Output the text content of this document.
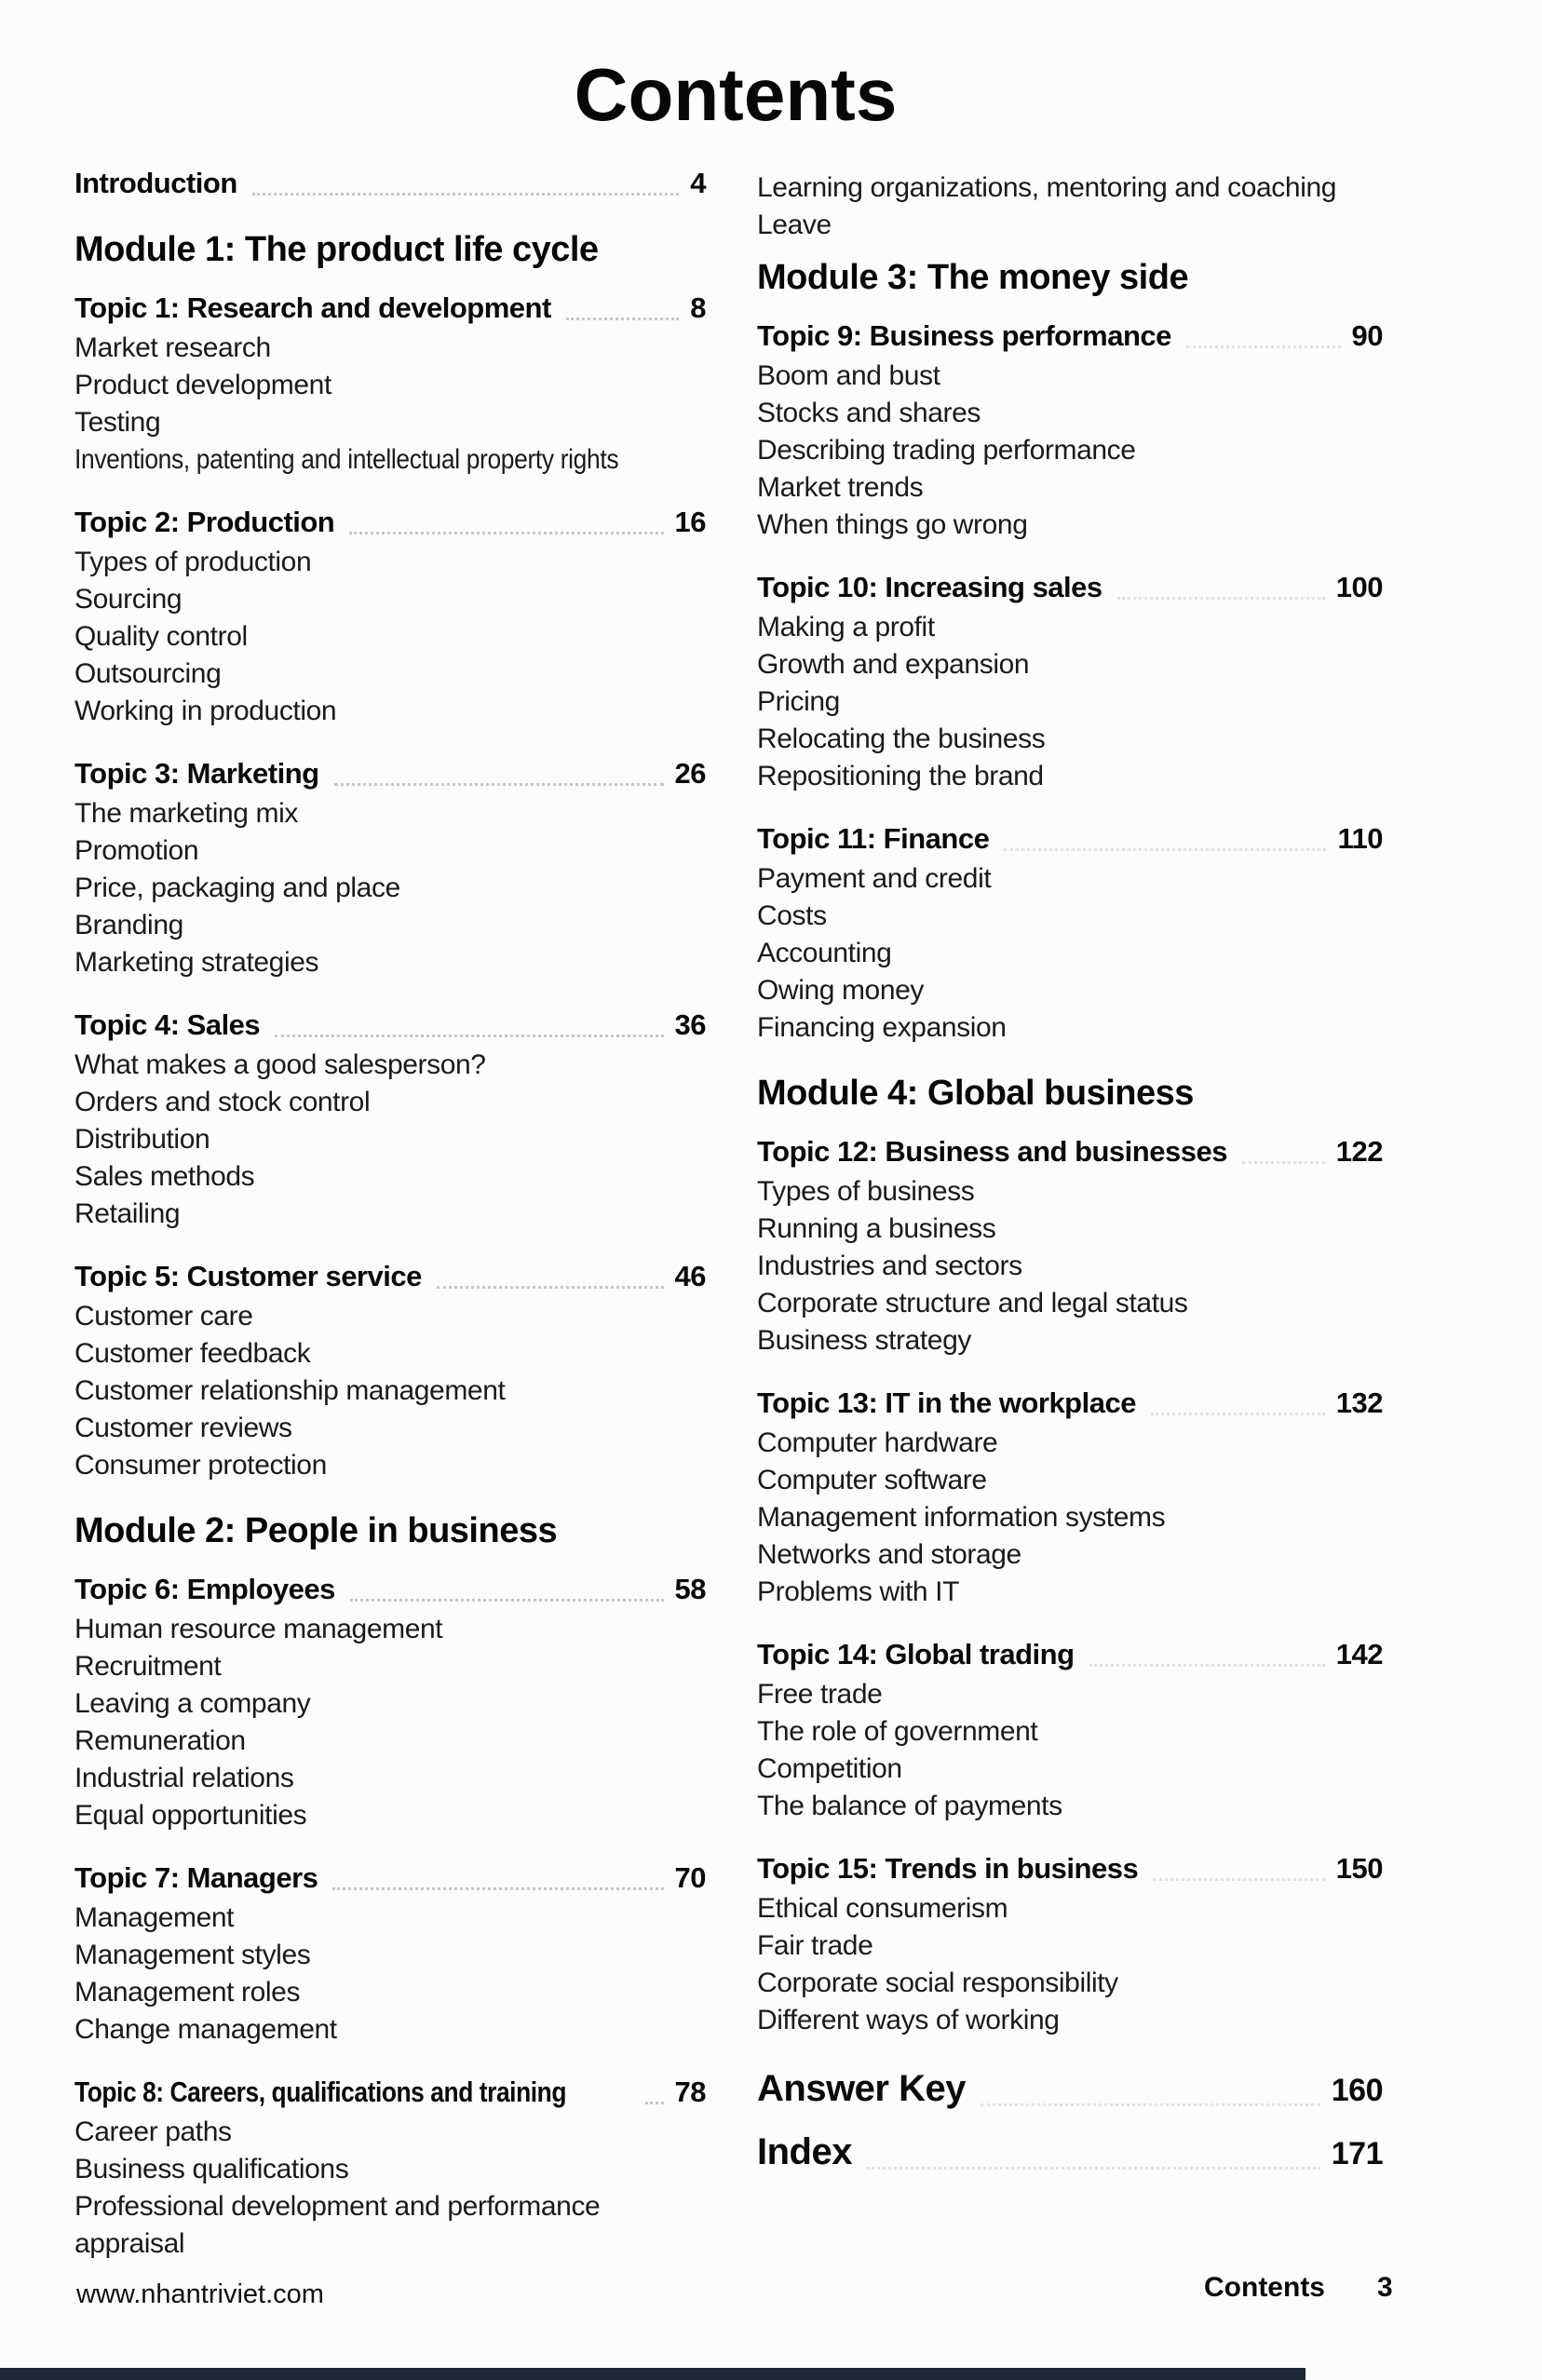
Contents
Introduction	4
Module 1: The product life cycle
Topic 1: Research and development	8
Market research
Product development
Testing
Inventions, patenting and intellectual property rights
Topic 2: Production	16
Types of production
Sourcing
Quality control
Outsourcing
Working in production
Topic 3: Marketing	26
The marketing mix
Promotion
Price, packaging and place
Branding
Marketing strategies
Topic 4: Sales	36
What makes a good salesperson?
Orders and stock control
Distribution
Sales methods
Retailing
Topic 5: Customer service	46
Customer care
Customer feedback
Customer relationship management
Customer reviews
Consumer protection
Module 2: People in business
Topic 6: Employees	58
Human resource management
Recruitment
Leaving a company
Remuneration
Industrial relations
Equal opportunities
Topic 7: Managers	70
Management
Management styles
Management roles
Change management
Topic 8: Careers, qualifications and training	78
Career paths
Business qualifications
Professional development and performance appraisal
Learning organizations, mentoring and coaching
Leave
Module 3: The money side
Topic 9: Business performance	90
Boom and bust
Stocks and shares
Describing trading performance
Market trends
When things go wrong
Topic 10: Increasing sales	100
Making a profit
Growth and expansion
Pricing
Relocating the business
Repositioning the brand
Topic 11: Finance	110
Payment and credit
Costs
Accounting
Owing money
Financing expansion
Module 4: Global business
Topic 12: Business and businesses	122
Types of business
Running a business
Industries and sectors
Corporate structure and legal status
Business strategy
Topic 13: IT in the workplace	132
Computer hardware
Computer software
Management information systems
Networks and storage
Problems with IT
Topic 14: Global trading	142
Free trade
The role of government
Competition
The balance of payments
Topic 15: Trends in business	150
Ethical consumerism
Fair trade
Corporate social responsibility
Different ways of working
Answer Key	160
Index	171
www.nhantriviet.com	Contents 3
